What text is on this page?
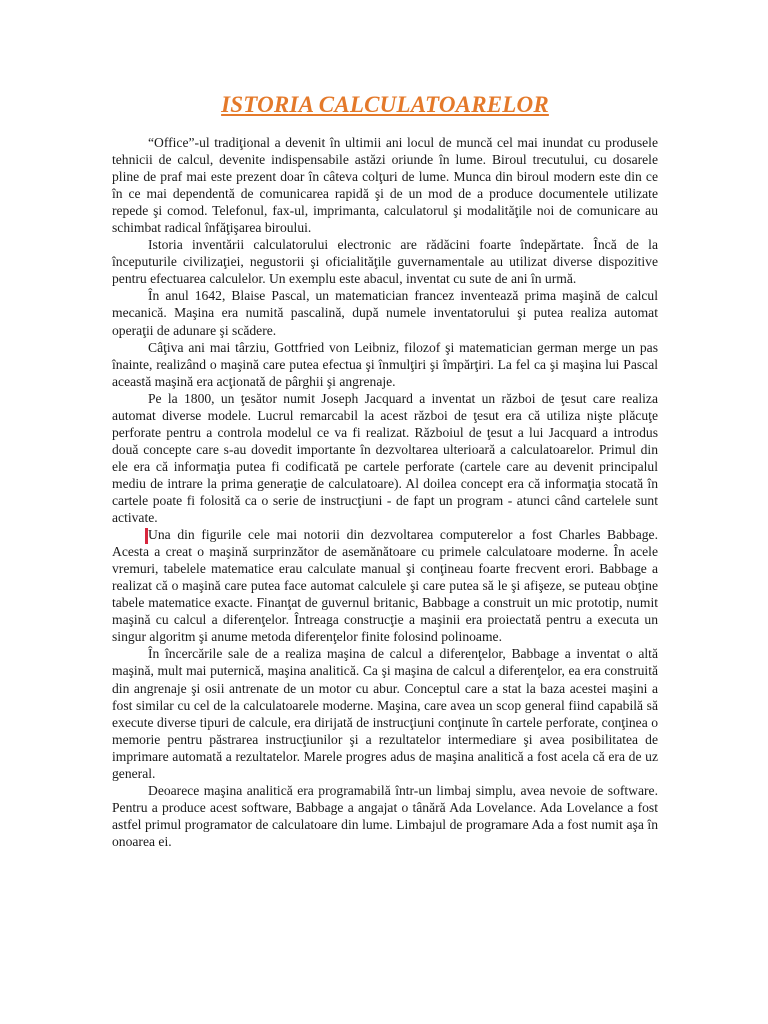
ISTORIA CALCULATOARELOR

“Office”-ul tradiţional a devenit în ultimii ani locul de muncă cel mai inundat cu produsele tehnicii de calcul, devenite indispensabile astăzi oriunde în lume. Biroul trecutului, cu dosarele pline de praf mai este prezent doar în câteva colţuri de lume. Munca din biroul modern este din ce în ce mai dependentă de comunicarea rapidă şi de un mod de a produce documentele utilizate repede şi comod. Telefonul, fax-ul, imprimanta, calculatorul şi modalităţile noi de comunicare au schimbat radical înfăţişarea biroului.

Istoria inventării calculatorului electronic are rădăcini foarte îndepărtate. Încă de la începuturile civilizaţiei, negustorii şi oficialităţile guvernamentale au utilizat diverse dispozitive pentru efectuarea calculelor. Un exemplu este abacul, inventat cu sute de ani în urmă.

În anul 1642, Blaise Pascal, un matematician francez inventează prima maşină de calcul mecanică. Maşina era numită pascalină, după numele inventatorului şi putea realiza automat operaţii de adunare şi scădere.

Câţiva ani mai târziu, Gottfried von Leibniz, filozof şi matematician german merge un pas înainte, realizând o maşină care putea efectua şi înmulţiri şi împărţiri. La fel ca şi maşina lui Pascal această maşină era acţionată de pârghii şi angrenaje.

Pe la 1800, un ţesător numit Joseph Jacquard a inventat un război de ţesut care realiza automat diverse modele. Lucrul remarcabil la acest război de ţesut era că utiliza nişte plăcuţe perforate pentru a controla modelul ce va fi realizat. Războiul de ţesut a lui Jacquard a introdus două concepte care s-au dovedit importante în dezvoltarea ulterioară a calculatoarelor. Primul din ele era că informaţia putea fi codificată pe cartele perforate (cartele care au devenit principalul mediu de intrare la prima generaţie de calculatoare). Al doilea concept era că informaţia stocată în cartele poate fi folosită ca o serie de instrucţiuni - de fapt un program - atunci când cartelele sunt activate.

Una din figurile cele mai notorii din dezvoltarea computerelor a fost Charles Babbage. Acesta a creat o maşină surprinzător de asemănătoare cu primele calculatoare moderne. În acele vremuri, tabelele matematice erau calculate manual şi conţineau foarte frecvent erori. Babbage a realizat că o maşină care putea face automat calculele şi care putea să le şi afişeze, se puteau obţine tabele matematice exacte. Finanţat de guvernul britanic, Babbage a construit un mic prototip, numit maşină cu calcul a diferenţelor. Întreaga construcţie a maşinii era proiectată pentru a executa un singur algoritm şi anume metoda diferenţelor finite folosind polinoame.

În încercările sale de a realiza maşina de calcul a diferenţelor, Babbage a inventat o altă maşină, mult mai puternică, maşina analitică. Ca şi maşina de calcul a diferenţelor, ea era construită din angrenaje şi osii antrenate de un motor cu abur. Conceptul care a stat la baza acestei maşini a fost similar cu cel de la calculatoarele moderne. Maşina, care avea un scop general fiind capabilă să execute diverse tipuri de calcule, era dirijată de instrucţiuni conţinute în cartele perforate, conţinea o memorie pentru păstrarea instrucţiunilor şi a rezultatelor intermediare şi avea posibilitatea de imprimare automată a rezultatelor. Marele progres adus de maşina analitică a fost acela că era de uz general.

Deoarece maşina analitică era programabilă într-un limbaj simplu, avea nevoie de software. Pentru a produce acest software, Babbage a angajat o tânără Ada Lovelance. Ada Lovelance a fost astfel primul programator de calculatoare din lume. Limbajul de programare Ada a fost numit aşa în onoarea ei.
